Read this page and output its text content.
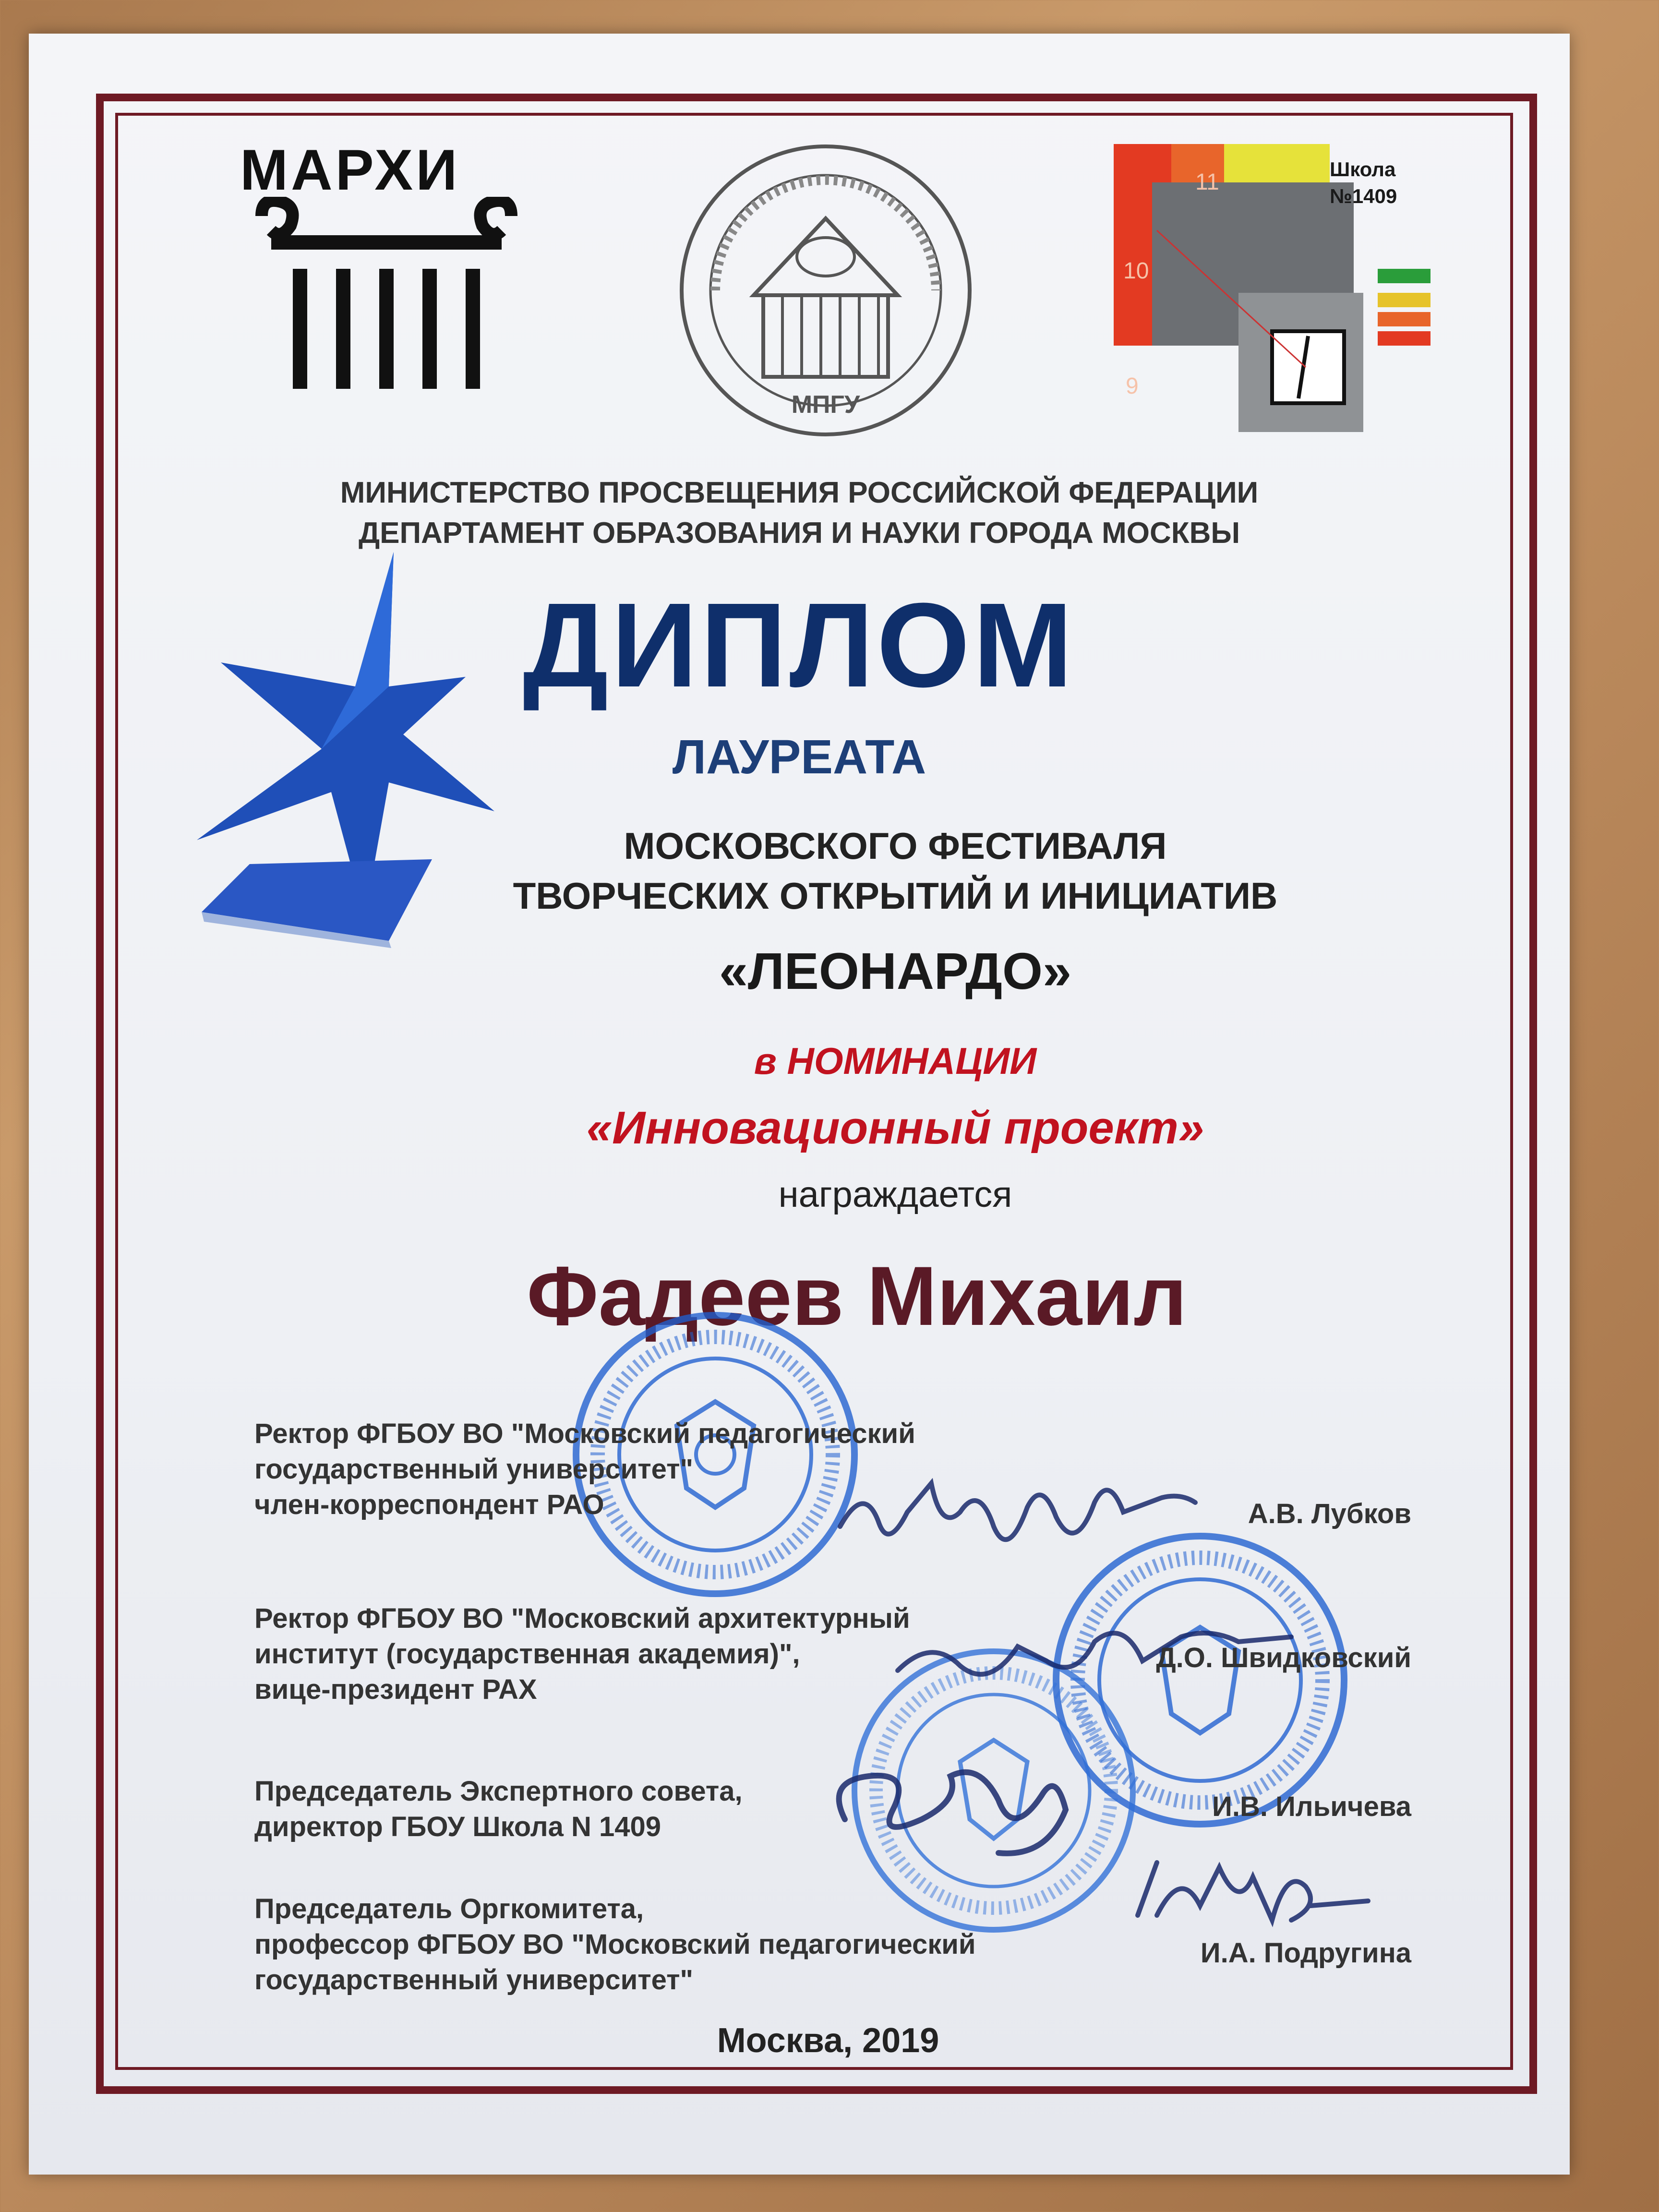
МАРХИ
МПГУ
9
10
11
Школа
№1409
МИНИСТЕРСТВО ПРОСВЕЩЕНИЯ РОССИЙСКОЙ ФЕДЕРАЦИИ
ДЕПАРТАМЕНТ ОБРАЗОВАНИЯ И НАУКИ ГОРОДА МОСКВЫ
ДИПЛОМ
ЛАУРЕАТА
МОСКОВСКОГО ФЕСТИВАЛЯ
ТВОРЧЕСКИХ ОТКРЫТИЙ И ИНИЦИАТИВ
«ЛЕОНАРДО»
в НОМИНАЦИИ
«Инновационный проект»
награждается
Фадеев Михаил
Ректор ФГБОУ ВО "Московский педагогический
государственный университет"
член-корреспондент РАО	А.В. Лубков
Ректор ФГБОУ ВО "Московский архитектурный
институт (государственная академия)",
вице-президент РАХ
Д.О. Швидковский
Председатель Экспертного совета,
директор ГБОУ Школа N 1409
И.В. Ильичева
Председатель Оргкомитета,
профессор ФГБОУ ВО "Московский педагогический
государственный университет"
И.А. Подругина
Москва, 2019
